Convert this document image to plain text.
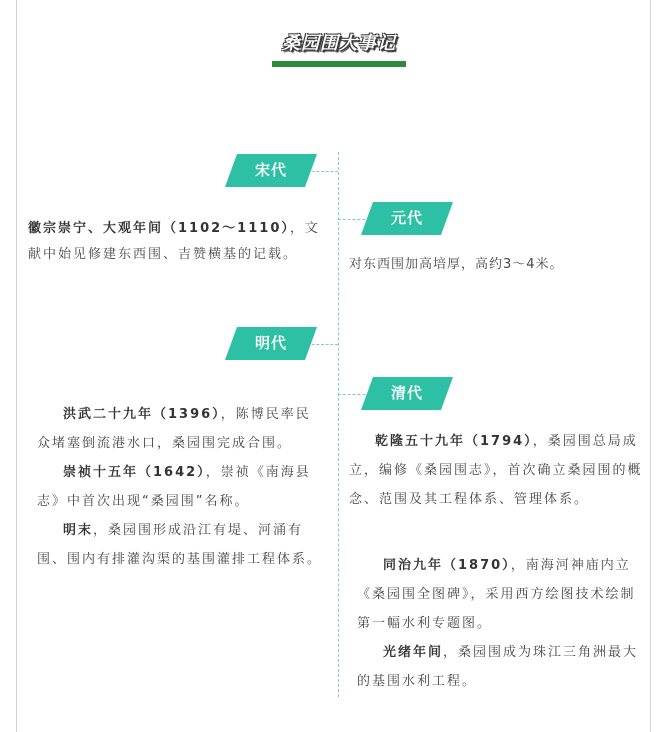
桑园围大事记
宋代
元代
明代
清代

徽宗崇宁、大观年间（1102～1110），文献中始见修建东西围、吉赞横基的记载。

对东西围加高培厚，高约3～4米。

洪武二十九年（1396），陈博民率民众堵塞倒流港水口，桑园围完成合围。

崇祯十五年（1642），崇祯《南海县志》中首次出现“桑园围”名称。

明末，桑园围形成沿江有堤、河涌有围、围内有排灌沟渠的基围灌排工程体系。

乾隆五十九年（1794），桑园围总局成立，编修《桑园围志》，首次确立桑园围的概念、范围及其工程体系、管理体系。

同治九年（1870），南海河神庙内立《桑园围全图碑》，采用西方绘图技术绘制第一幅水利专题图。

光绪年间，桑园围成为珠江三角洲最大的基围水利工程。
